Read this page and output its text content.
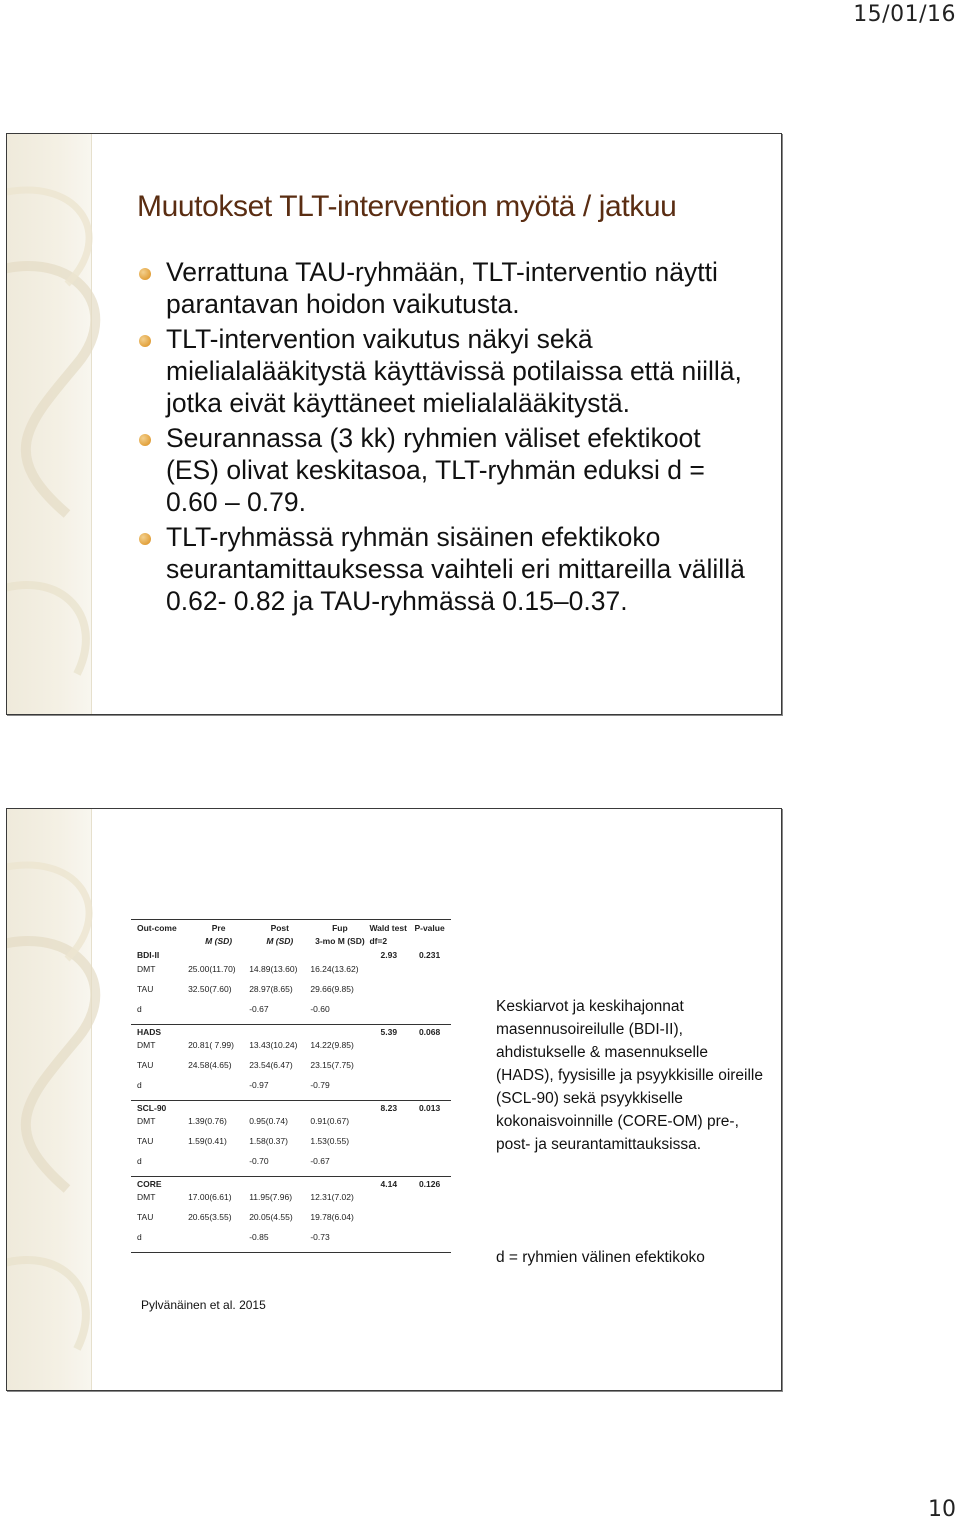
15/01/16
Muutokset TLT-intervention myötä / jatkuu
Verrattuna TAU-ryhmään, TLT-interventio näytti parantavan hoidon vaikutusta.
TLT-intervention vaikutus näkyi sekä mielialalääkitystä käyttävissä potilaissa että niillä, jotka eivät käyttäneet mielialalääkitystä.
Seurannassa (3 kk) ryhmien väliset efektikoot (ES) olivat keskitasoa, TLT-ryhmän eduksi d = 0.60 – 0.79.
TLT-ryhmässä ryhmän sisäinen efektikoko seurantamittauksessa vaihteli eri mittareilla välillä 0.62- 0.82 ja TAU-ryhmässä 0.15–0.37.
Out-come	Pre	Post	Fup	Wald test	P-value
	M (SD)	M (SD)	3-mo M (SD)	df=2	
BDI-II				2.93	0.231
DMT	25.00(11.70)	14.89(13.60)	16.24(13.62)		
TAU	32.50(7.60)	28.97(8.65)	29.66(9.85)		
d		-0.67	-0.60		
HADS				5.39	0.068
DMT	20.81( 7.99)	13.43(10.24)	14.22(9.85)		
TAU	24.58(4.65)	23.54(6.47)	23.15(7.75)		
d		-0.97	-0.79		
SCL-90				8.23	0.013
DMT	1.39(0.76)	0.95(0.74)	0.91(0.67)		
TAU	1.59(0.41)	1.58(0.37)	1.53(0.55)		
d		-0.70	-0.67		
CORE				4.14	0.126
DMT	17.00(6.61)	11.95(7.96)	12.31(7.02)		
TAU	20.65(3.55)	20.05(4.55)	19.78(6.04)		
d		-0.85	-0.73		
Pylvänäinen et al. 2015

Keskiarvot ja keskihajonnat masennusoireilulle (BDI-II), ahdistukselle & masennukselle (HADS), fyysisille ja psyykkisille oireille (SCL-90) sekä psyykkiselle kokonaisvoinnille (CORE-OM) pre-, post- ja seurantamittauksissa.

d = ryhmien välinen efektikoko
10
